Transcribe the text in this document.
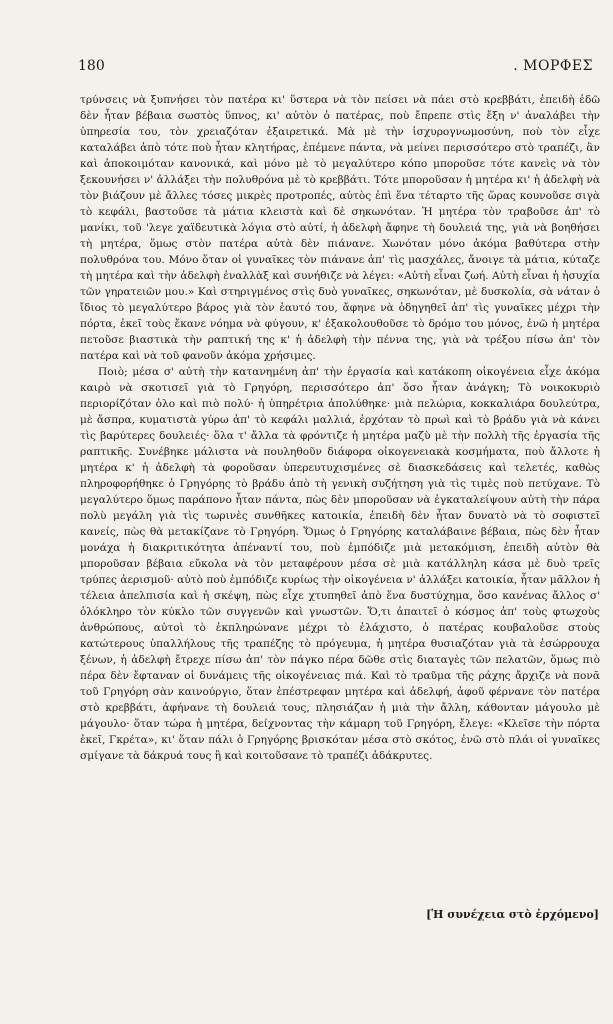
180	. ΜΟΡΦΕΣ

τρύνσεις νὰ ξυπνήσει τὸν πατέρα κι' ὕστερα νὰ τὸν πείσει νὰ πάει στὸ κρεββάτι, ἐπειδὴ ἐδῶ δὲν ἦταν βέβαια σωστὸς ὕπνος, κι' αὐτὸν ὁ πατέρας, ποὺ ἔπρεπε στὶς ἔξη ν' ἀναλάβει τὴν ὑπηρεσία του, τὸν χρειαζόταν ἐξαιρετικά. Μὰ μὲ τὴν ἰσχυρογνωμοσύνη, ποὺ τὸν εἶχε καταλάβει ἀπὸ τότε ποὺ ἦταν κλητήρας, ἐπέμενε πάντα, νὰ μείνει περισσότερο στὸ τραπέζι, ἂν καὶ ἀποκοιμόταν κανονικά, καὶ μόνο μὲ τὸ μεγαλύτερο κόπο μποροῦσε τότε κανεὶς νὰ τὸν ξεκουνήσει ν' ἀλλάξει τὴν πολυθρόνα μὲ τὸ κρεββάτι. Τότε μποροῦσαν ἡ μητέρα κι' ἡ ἀδελφὴ νὰ τὸν βιάζουν μὲ ἄλλες τόσες μικρὲς προτροπές, αὐτὸς ἐπὶ ἕνα τέταρτο τῆς ὥρας κουνοῦσε σιγὰ τὸ κεφάλι, βαστοῦσε τὰ μάτια κλειστὰ καὶ δὲ σηκωνόταν. Ἡ μητέρα τὸν τραβοῦσε ἀπ' τὸ μανίκι, τοῦ 'λεγε χαϊδευτικὰ λόγια στὸ αὐτί, ἡ ἀδελφὴ ἄφηνε τὴ δουλειά της, γιὰ νὰ βοηθήσει τὴ μητέρα, ὅμως στὸν πατέρα αὐτὰ δὲν πιάνανε. Χωνόταν μόνο ἀκόμα βαθύτερα στὴν πολυθρόνα του. Μόνο ὅταν οἱ γυναῖκες τὸν πιάνανε ἀπ' τὶς μασχάλες, ἄνοιγε τὰ μάτια, κύταζε τὴ μητέρα καὶ τὴν ἀδελφὴ ἐναλλὰξ καὶ συνήθιζε νὰ λέγει: «Αὐτὴ εἶναι ζωή. Αὐτὴ εἶναι ἡ ἡσυχία τῶν γηρατειῶν μου.» Καὶ στηριγμένος στὶς δυὸ γυναῖκες, σηκωνόταν, μὲ δυσκολία, σὰ νάταν ὁ ἴδιος τὸ μεγαλύτερο βάρος γιὰ τὸν ἑαυτό του, ἄφηνε νὰ ὁδηγηθεῖ ἀπ' τὶς γυναῖκες μέχρι τὴν πόρτα, ἐκεῖ τοὺς ἔκανε νόημα νὰ φύγουν, κ' ἐξακολουθοῦσε τὸ δρόμο του μόνος, ἐνῶ ἡ μητέρα πετοῦσε βιαστικὰ τὴν ραπτική της κ' ἡ ἀδελφὴ τὴν πέννα της, γιὰ νὰ τρέξου πίσω ἀπ' τὸν πατέρα καὶ νὰ τοῦ φανοῦν ἀκόμα χρήσιμες.

Ποιὸ; μέσα σ' αὐτὴ τὴν κατανημένη ἀπ' τὴν ἐργασία καὶ κατάκοπη οἰκογένεια εἶχε ἀκόμα καιρὸ νὰ σκοτισεῖ γιὰ τὸ Γρηγόρη, περισσότερο ἀπ' ὅσο ἦταν ἀνάγκη; Τὸ νοικοκυριὸ περιορίζόταν ὁλο καὶ πιὸ πολύ· ἡ ὑπηρέτρια ἀπολύθηκε· μιὰ πελώρια, κοκκαλιάρα δουλεύτρα, μὲ ἄσπρα, κυματιστὰ γύρω ἀπ' τὸ κεφάλι μαλλιά, ἐρχόταν τὸ πρωὶ καὶ τὸ βράδυ γιὰ νὰ κάνει τὶς βαρύτερες δουλειές· ὅλα τ' ἄλλα τὰ φρόντιζε ἡ μητέρα μαζὺ μὲ τὴν πολλὴ τῆς ἐργασία τῆς ραπτικῆς. Συνέβηκε μάλιστα νὰ πουληθοῦν διάφορα οἰκογενειακὰ κοσμήματα, ποὺ ἄλλοτε ἡ μητέρα κ' ἡ ἀδελφὴ τὰ φοροῦσαν ὑπερευτυχισμένες σὲ διασκεδάσεις καὶ τελετές, καθὼς πληροφορήθηκε ὁ Γρηγόρης τὸ βράδυ ἀπὸ τὴ γενικὴ συζήτηση γιὰ τὶς τιμὲς ποὺ πετύχανε. Τὸ μεγαλύτερο ὅμως παράπονο ἦταν πάντα, πὼς δὲν μποροῦσαν νὰ ἐγκαταλείψουν αὐτὴ τὴν πάρα πολὺ μεγάλη γιὰ τὶς τωρινὲς συνθῆκες κατοικία, ἐπειδὴ δὲν ἦταν δυνατὸ νὰ τὸ σοφιστεῖ κανείς, πὼς θὰ μετακίζανε τὸ Γρηγόρη. Ὅμως ὁ Γρηγόρης καταλάβαινε βέβαια, πὼς δὲν ἦταν μονάχα ἡ διακριτικότητα ἀπέναντί του, ποὺ ἐμπόδιζε μιὰ μετακόμιση, ἐπειδὴ αὐτὸν θὰ μποροῦσαν βέβαια εὔκολα νὰ τὸν μεταφέρουν μέσα σὲ μιὰ κατάλληλη κάσα μὲ δυὸ τρεῖς τρύπες ἀερισμοῦ· αὐτὸ ποὺ ἐμπόδιζε κυρίως τὴν οἰκογένεια ν' ἀλλάξει κατοικία, ἦταν μᾶλλον ἡ τέλεια ἀπελπισία καὶ ἡ σκέψη, πὼς εἶχε χτυπηθεῖ ἀπὸ ἕνα δυστύχημα, ὅσο κανένας ἄλλος σ' ὁλόκληρο τὸν κύκλο τῶν συγγενῶν καὶ γνωστῶν. Ὅ,τι ἀπαιτεῖ ὁ κόσμος ἀπ' τοὺς φτωχοὺς ἀνθρώπους, αὐτοὶ τὸ ἐκπληρώνανε μέχρι τὸ ἐλάχιστο, ὁ πατέρας κουβαλοῦσε στοὺς κατώτερους ὑπαλλήλους τῆς τραπέζης τὸ πρόγευμα, ἡ μητέρα θυσιαζόταν γιὰ τὰ ἐσώρρουχα ξένων, ἡ ἀδελφὴ ἔτρεχε πίσω ἀπ' τὸν πάγκο πέρα δῶθε στὶς διαταγὲς τῶν πελατῶν, ὅμως πιὸ πέρα δὲν ἔφταναν οἱ δυνάμεις τῆς οἰκογένειας πιά. Καὶ τὸ τραῦμα τῆς ράχης ἄρχιζε νὰ πονᾶ τοῦ Γρηγόρη σὰν καινούργιο, ὅταν ἐπέστρεφαν μητέρα καὶ ἀδελφή, ἀφοῦ φέρνανε τὸν πατέρα στὸ κρεββάτι, ἀφήνανε τὴ δουλειά τους, πλησιάζαν ἡ μιὰ τὴν ἄλλη, κάθονταν μάγουλο μὲ μάγουλο· ὅταν τώρα ἡ μητέρα, δείχνοντας τὴν κάμαρη τοῦ Γρηγόρη, ἔλεγε: «Κλεῖσε τὴν πόρτα ἐκεῖ, Γκρέτα», κι' ὅταν πάλι ὁ Γρηγόρης βρισκόταν μέσα στὸ σκότος, ἐνῶ στὸ πλάι οἱ γυναῖκες σμίγανε τὰ δάκρυά τους ἢ καὶ κοιτοῦσανε τὸ τραπέζι ἀδάκρυτες.

[Ἡ συνέχεια στὸ ἐρχόμενο]
